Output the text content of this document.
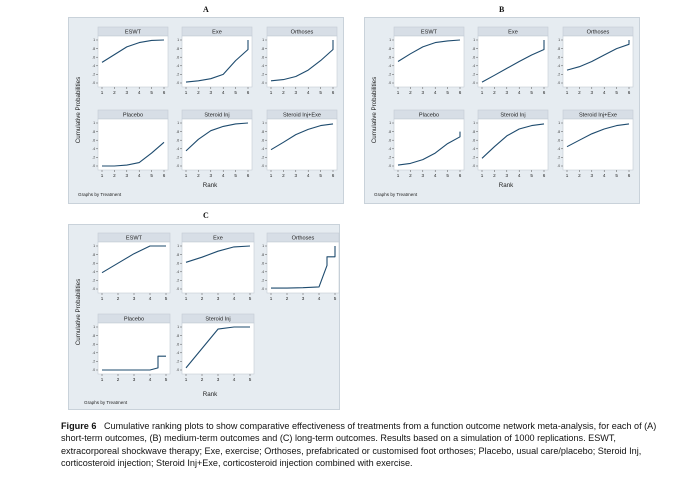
A	B
C
Cumulative Probabilities
Rank
Graphs by Treatment
ESWT
.0
.2
.4
.6
.8
1
1 2 3 4 5 6
Exe
.0
.2
.4
.6
.8
1
1 2 3 4 5 6
Orthoses
.0
.2
.4
.6
.8
1
1 2 3 4 5 6
Placebo
.0
.2
.4
.6
.8
1
1 2 3 4 5 6
Steroid Inj
.0
.2
.4
.6
.8
1
1 2 3 4 5 6
Steroid Inj+Exe
.0
.2
.4
.6
.8
1
1 2 3 4 5 6
Cumulative Probabilities
Rank
Graphs by Treatment
ESWT
.0
.2
.4
.6
.8
1
1 2 3 4 5 6
Exe
.0
.2
.4
.6
.8
1
1 2 3 4 5 6
Orthoses
.0
.2
.4
.6
.8
1
1 2 3 4 5 6
Placebo
.0
.2
.4
.6
.8
1
1 2 3 4 5 6
Steroid Inj
.0
.2
.4
.6
.8
1
1 2 3 4 5 6
Steroid Inj+Exe
.0
.2
.4
.6
.8
1
1 2 3 4 5 6
Cumulative Probabilities
Rank
Graphs by Treatment
ESWT
.0
.2
.4
.6
.8
1
1	2	3	4	5
Exe
.0
.2
.4
.6
.8
1
1	2	3	4	5
Orthoses
.0
.2
.4
.6
.8
1
1	2	3	4	5
Placebo
.0
.2
.4
.6
.8
1
1	2	3	4	5
Steroid Inj
.0
.2
.4
.6
.8
1
1	2	3	4	5
Figure 6 Cumulative ranking plots to show comparative effectiveness of treatments from a function outcome network meta-analysis, for each of (A) short-term outcomes, (B) medium-term outcomes and (C) long-term outcomes. Results based on a simulation of 1000 replications. ESWT, extracorporeal shockwave therapy; Exe, exercise; Orthoses, prefabricated or customised foot orthoses; Placebo, usual care/placebo; Steroid Inj, corticosteroid injection; Steroid Inj+Exe, corticosteroid injection combined with exercise.
